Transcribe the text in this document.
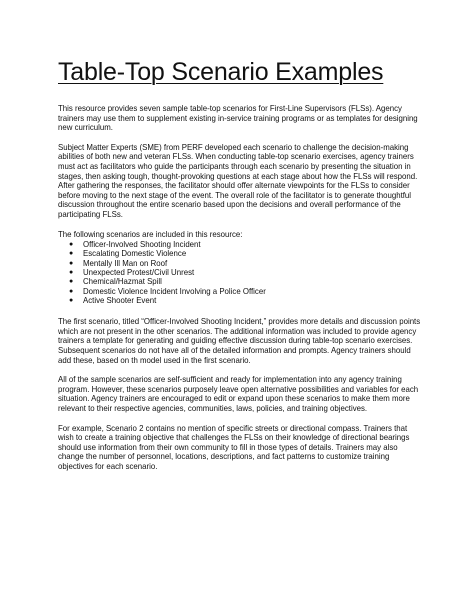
Table-Top Scenario Examples

This resource provides seven sample table-top scenarios for First-Line Supervisors (FLSs). Agency trainers may use them to supplement existing in-service training programs or as templates for designing new curriculum.

Subject Matter Experts (SME) from PERF developed each scenario to challenge the decision-making abilities of both new and veteran FLSs. When conducting table-top scenario exercises, agency trainers must act as facilitators who guide the participants through each scenario by presenting the situation in stages, then asking tough, thought-provoking questions at each stage about how the FLSs will respond. After gathering the responses, the facilitator should offer alternate viewpoints for the FLSs to consider before moving to the next stage of the event. The overall role of the facilitator is to generate thoughtful discussion throughout the entire scenario based upon the decisions and overall performance of the participating FLSs.

The following scenarios are included in this resource:

● Officer-Involved Shooting Incident
● Escalating Domestic Violence
● Mentally Ill Man on Roof
● Unexpected Protest/Civil Unrest
● Chemical/Hazmat Spill
● Domestic Violence Incident Involving a Police Officer
● Active Shooter Event

The first scenario, titled “Officer-Involved Shooting Incident,” provides more details and discussion points which are not present in the other scenarios. The additional information was included to provide agency trainers a template for generating and guiding effective discussion during table-top scenario exercises. Subsequent scenarios do not have all of the detailed information and prompts. Agency trainers should add these, based on th model used in the first scenario.

All of the sample scenarios are self-sufficient and ready for implementation into any agency training program. However, these scenarios purposely leave open alternative possibilities and variables for each situation. Agency trainers are encouraged to edit or expand upon these scenarios to make them more relevant to their respective agencies, communities, laws, policies, and training objectives.

For example, Scenario 2 contains no mention of specific streets or directional compass. Trainers that wish to create a training objective that challenges the FLSs on their knowledge of directional bearings should use information from their own community to fill in those types of details. Trainers may also change the number of personnel, locations, descriptions, and fact patterns to customize training objectives for each scenario.
